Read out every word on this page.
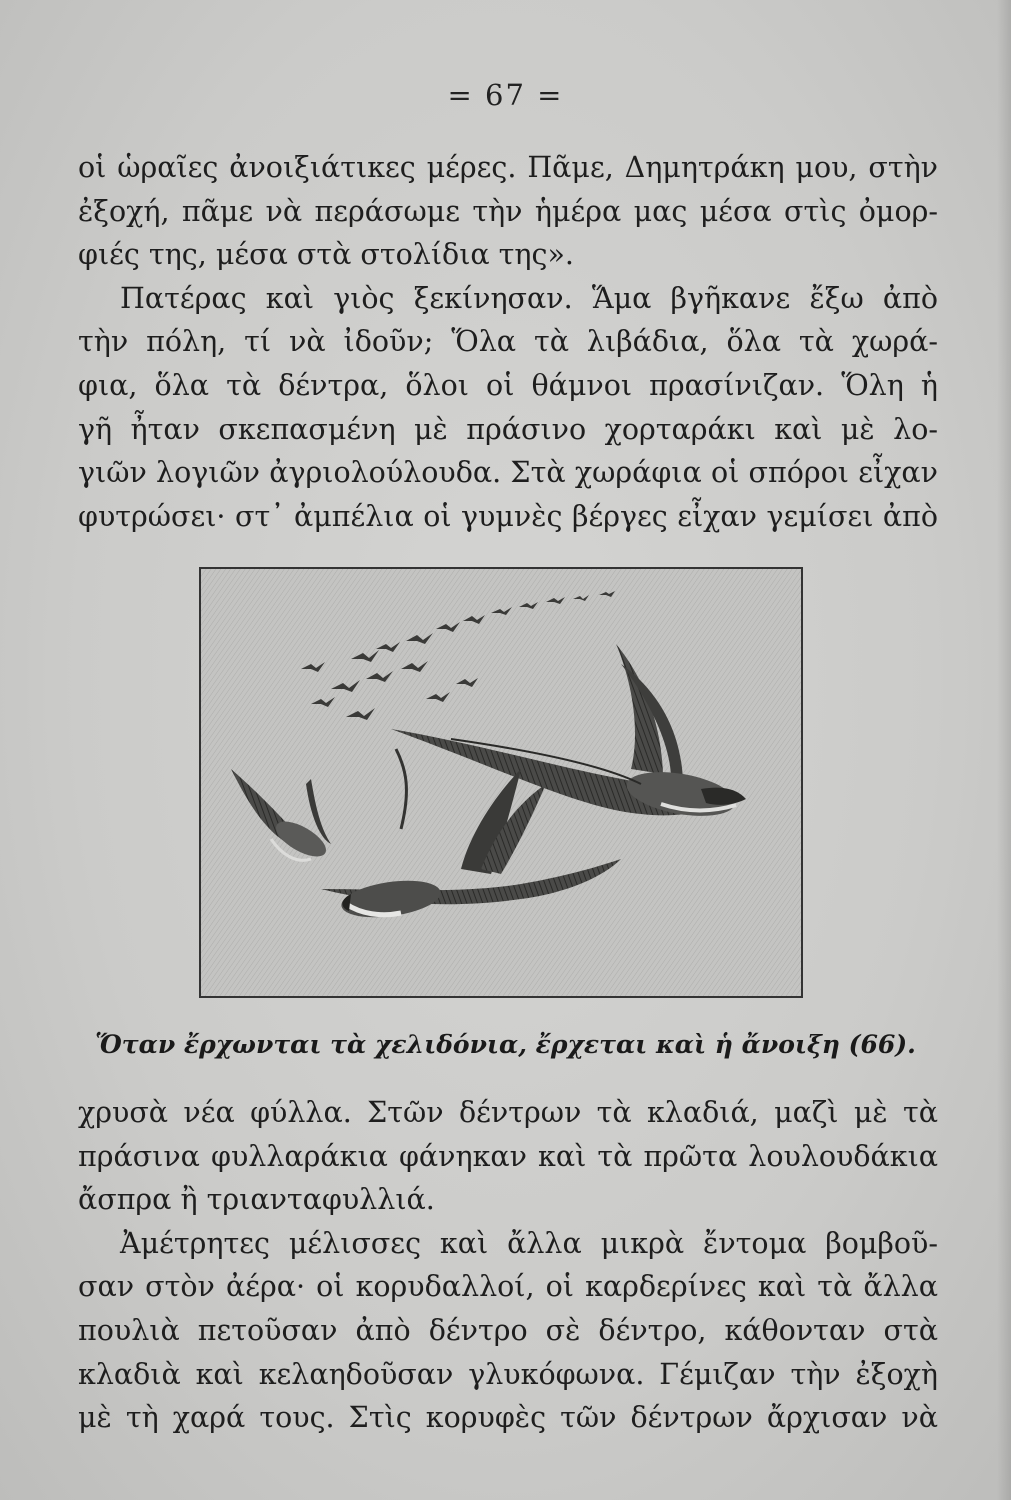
= 67 =
οἱ ὡραῖες ἀνοιξιάτικες μέρες. Πᾶμε, Δημητράκη μου, στὴν
ἐξοχή, πᾶμε νὰ περάσωμε τὴν ἡμέρα μας μέσα στὶς ὀμορ-
φιές της, μέσα στὰ στολίδια της».
Πατέρας καὶ γιὸς ξεκίνησαν. Ἅμα βγῆκανε ἔξω ἀπὸ
τὴν πόλη, τί νὰ ἰδοῦν; Ὅλα τὰ λιβάδια, ὅλα τὰ χωρά-
φια, ὅλα τὰ δέντρα, ὅλοι οἱ θάμνοι πρασίνιζαν. Ὅλη ἡ
γῆ ἦταν σκεπασμένη μὲ πράσινο χορταράκι καὶ μὲ λο-
γιῶν λογιῶν ἀγριολούλουδα. Στὰ χωράφια οἱ σπόροι εἶχαν
φυτρώσει· στ᾿ ἀμπέλια οἱ γυμνὲς βέργες εἶχαν γεμίσει ἀπὸ
Ὅταν ἔρχωνται τὰ χελιδόνια, ἔρχεται καὶ ἡ ἄνοιξη (66).
χρυσὰ νέα φύλλα. Στῶν δέντρων τὰ κλαδιά, μαζὶ μὲ τὰ
πράσινα φυλλαράκια φάνηκαν καὶ τὰ πρῶτα λουλουδάκια
ἄσπρα ἢ τριανταφυλλιά.
Ἀμέτρητες μέλισσες καὶ ἄλλα μικρὰ ἔντομα βομβοῦ-
σαν στὸν ἀέρα· οἱ κορυδαλλοί, οἱ καρδερίνες καὶ τὰ ἄλλα
πουλιὰ πετοῦσαν ἀπὸ δέντρο σὲ δέντρο, κάθονταν στὰ
κλαδιὰ καὶ κελαηδοῦσαν γλυκόφωνα. Γέμιζαν τὴν ἐξοχὴ
μὲ τὴ χαρά τους. Στὶς κορυφὲς τῶν δέντρων ἄρχισαν νὰ
